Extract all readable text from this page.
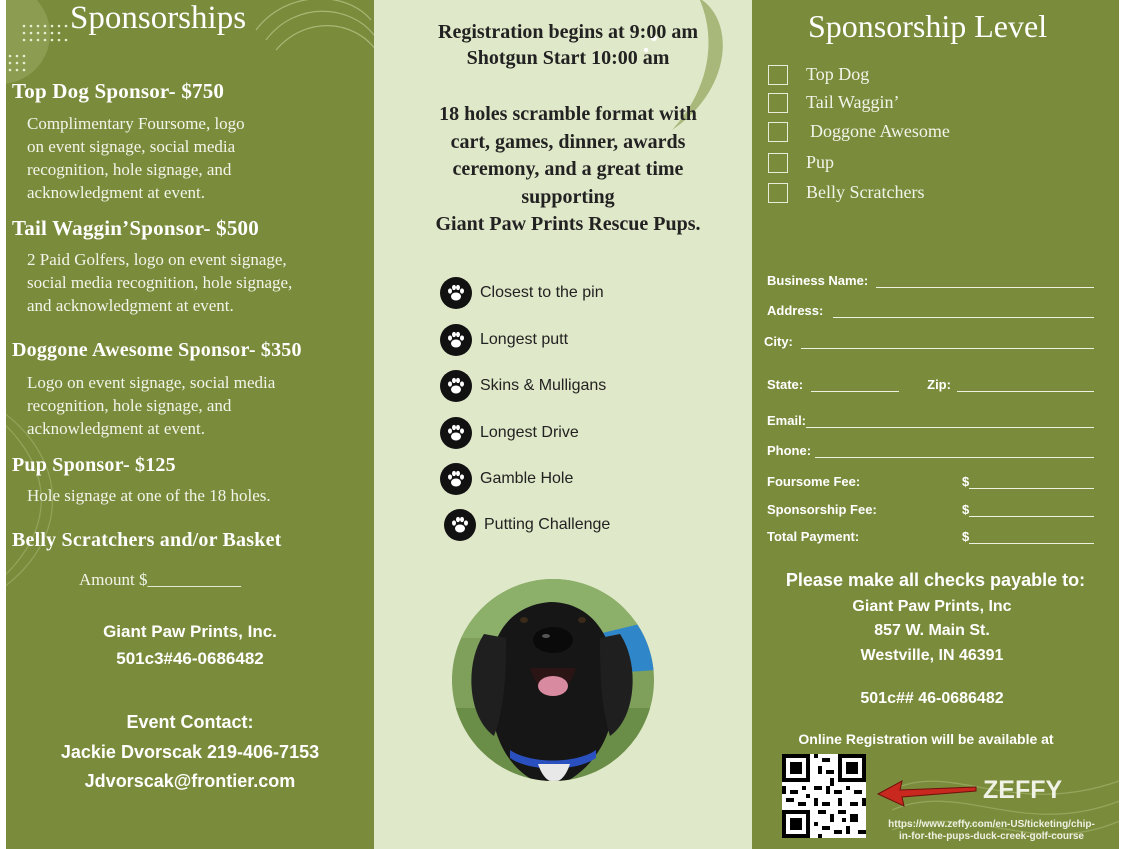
Sponsorships
Top Dog Sponsor- $750
Complimentary Foursome, logo
on event signage, social media
recognition, hole signage, and
acknowledgment at event.
Tail Waggin’Sponsor- $500
2 Paid Golfers, logo on event signage,
social media recognition, hole signage,
and acknowledgment at event.
Doggone Awesome Sponsor- $350
Logo on event signage, social media
recognition, hole signage, and
acknowledgment at event.
Pup Sponsor- $125
Hole signage at one of the 18 holes.
Belly Scratchers and/or Basket
Amount $___________
Giant Paw Prints, Inc.
501c3#46-0686482
Event Contact:
Jackie Dvorscak 219-406-7153
Jdvorscak@frontier.com
Registration begins at 9:00 am
Shotgun Start 10:00 am
18 holes scramble format with
cart, games, dinner, awards
ceremony, and a great time
supporting
Giant Paw Prints Rescue Pups.
Closest to the pin
Longest putt
Skins & Mulligans
Longest Drive
Gamble Hole
Putting Challenge
Sponsorship Level
Top Dog
Tail Waggin’
Doggone Awesome
Pup
Belly Scratchers
Business Name:
Address:
City:
State:	Zip:
Email:
Phone:
Foursome Fee:	$
Sponsorship Fee:	$
Total Payment:	$
Please make all checks payable to:
Giant Paw Prints, Inc
857 W. Main St.
Westville, IN 46391
501c## 46-0686482
Online Registration will be available at
ZEFFY
https://www.zeffy.com/en-US/ticketing/chip-
in-for-the-pups-duck-creek-golf-course
